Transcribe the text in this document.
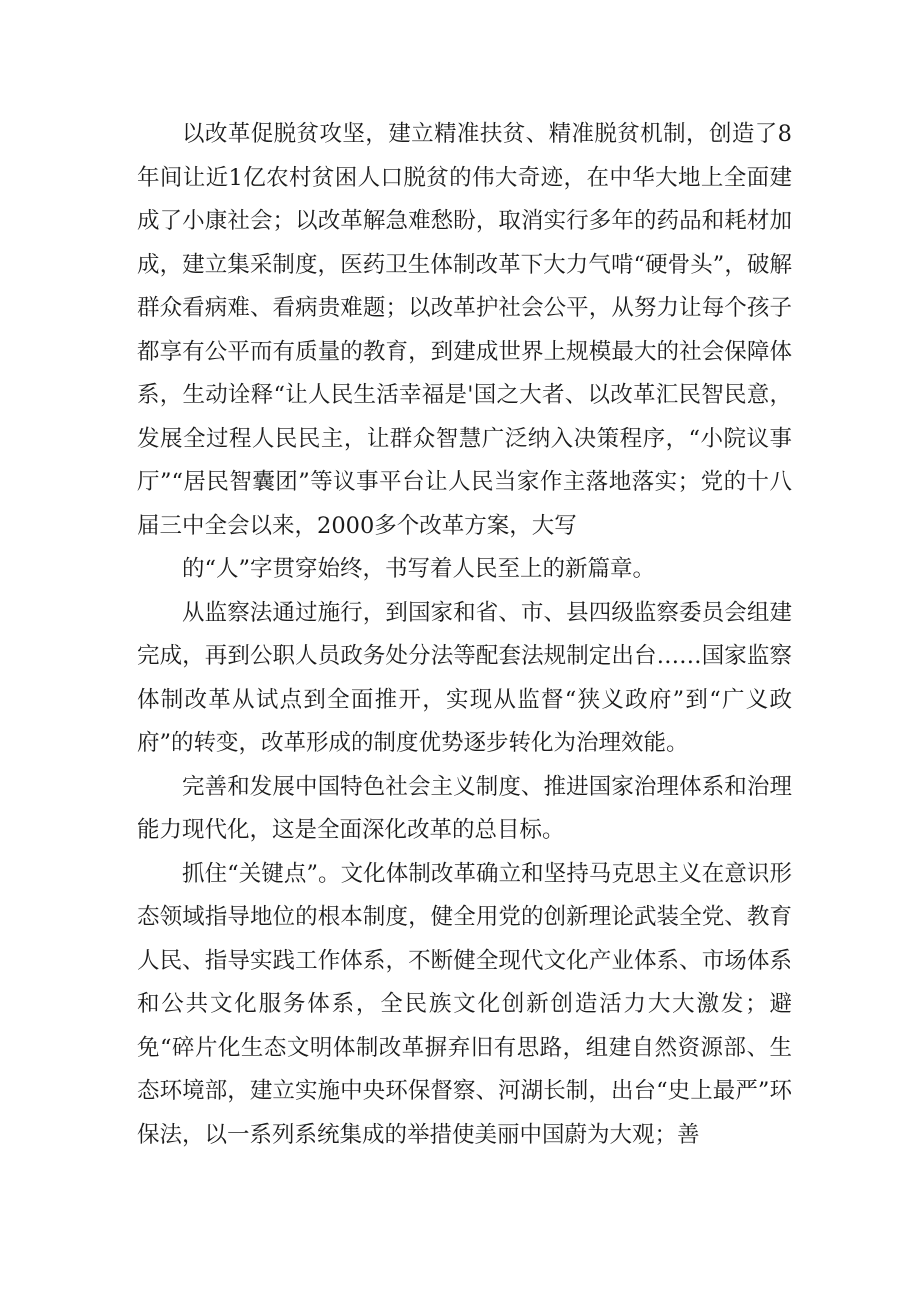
以改革促脱贫攻坚，建立精准扶贫、精准脱贫机制，创造了8年间让近1亿农村贫困人口脱贫的伟大奇迹，在中华大地上全面建成了小康社会；以改革解急难愁盼，取消实行多年的药品和耗材加成，建立集采制度，医药卫生体制改革下大力气啃“硬骨头”，破解群众看病难、看病贵难题；以改革护社会公平，从努力让每个孩子都享有公平而有质量的教育，到建成世界上规模最大的社会保障体系，生动诠释“让人民生活幸福是'国之大者、以改革汇民智民意，发展全过程人民民主，让群众智慧广泛纳入决策程序，“小院议事厅”“居民智囊团”等议事平台让人民当家作主落地落实；党的十八届三中全会以来，2000多个改革方案，大写

的“人”字贯穿始终，书写着人民至上的新篇章。

从监察法通过施行，到国家和省、市、县四级监察委员会组建完成，再到公职人员政务处分法等配套法规制定出台……国家监察体制改革从试点到全面推开，实现从监督“狭义政府”到“广义政府”的转变，改革形成的制度优势逐步转化为治理效能。

完善和发展中国特色社会主义制度、推进国家治理体系和治理能力现代化，这是全面深化改革的总目标。

抓住“关键点”。文化体制改革确立和坚持马克思主义在意识形态领域指导地位的根本制度，健全用党的创新理论武装全党、教育人民、指导实践工作体系，不断健全现代文化产业体系、市场体系和公共文化服务体系，全民族文化创新创造活力大大激发；避免“碎片化生态文明体制改革摒弃旧有思路，组建自然资源部、生态环境部，建立实施中央环保督察、河湖长制，出台“史上最严”环保法，以一系列系统集成的举措使美丽中国蔚为大观；善
